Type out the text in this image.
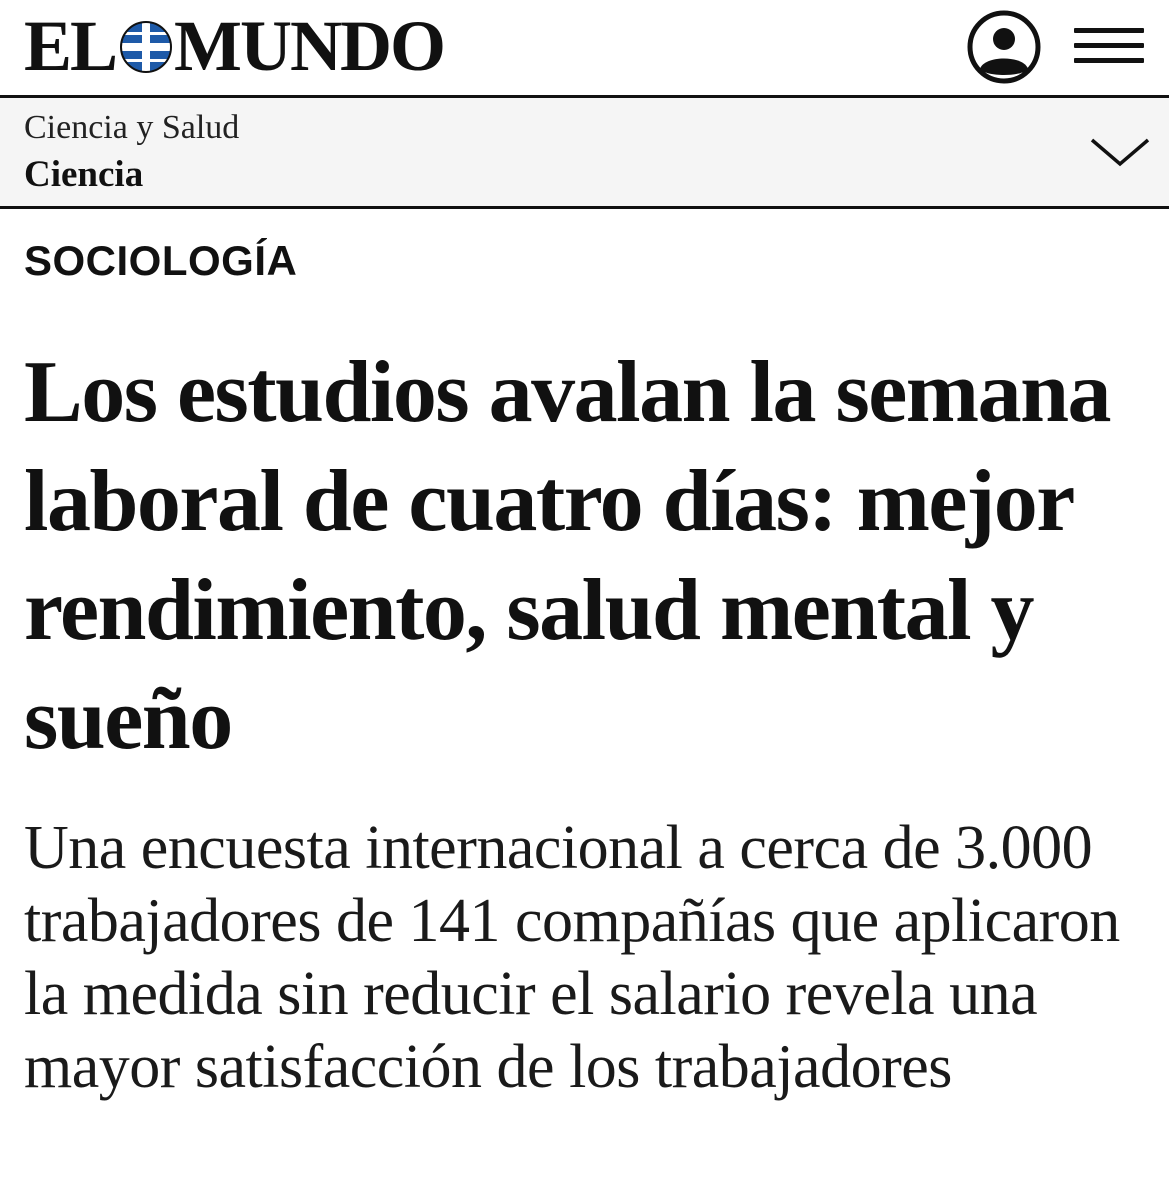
EL MUNDO
Ciencia y Salud
Ciencia
SOCIOLOGÍA
Los estudios avalan la semana laboral de cuatro días: mejor rendimiento, salud mental y sueño

Una encuesta internacional a cerca de 3.000 trabajadores de 141 compañías que aplicaron la medida sin reducir el salario revela una mayor satisfacción de los trabajadores
